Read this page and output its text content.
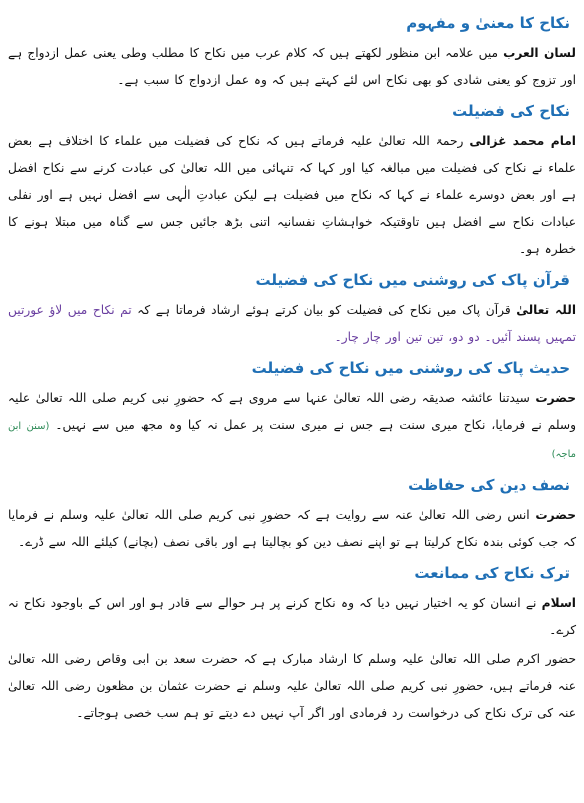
نکاح کا معنیٰ و مفہوم

لسان العرب میں علامہ ابن منظور لکھتے ہیں کہ کلام عرب میں نکاح کا مطلب وطی یعنی عمل ازدواج ہے اور تزوج کو یعنی شادی کو بھی نکاح اس لئے کہتے ہیں کہ وہ عمل ازدواج کا سبب ہے۔

نکاح کی فضیلت

امام محمد غزالی رحمۃ اللہ تعالیٰ علیہ فرماتے ہیں کہ نکاح کی فضیلت میں علماء کا اختلاف ہے بعض علماء نے نکاح کی فضیلت میں مبالغہ کیا اور کہا کہ تنہائی میں اللہ تعالیٰ کی عبادت کرنے سے نکاح افضل ہے اور بعض دوسرے علماء نے کہا کہ نکاح میں فضیلت ہے لیکن عبادتِ الٰہی سے افضل نہیں ہے اور نفلی عبادات نکاح سے افضل ہیں تاوقتیکہ خواہشاتِ نفسانیہ اتنی بڑھ جائیں جس سے گناہ میں مبتلا ہونے کا خطرہ ہو۔

قرآن پاک کی روشنی میں نکاح کی فضیلت

اللہ تعالیٰ قرآن پاک میں نکاح کی فضیلت کو بیان کرتے ہوئے ارشاد فرماتا ہے کہ تم نکاح میں لاؤ عورتیں تمہیں پسند آئیں۔ دو دو، تین تین اور چار چار۔

حدیث پاک کی روشنی میں نکاح کی فضیلت

حضرت سیدتنا عائشہ صدیقہ رضی اللہ تعالیٰ عنہا سے مروی ہے کہ حضورِ نبی کریم صلی اللہ تعالیٰ علیہ وسلم نے فرمایا، نکاح میری سنت ہے جس نے میری سنت پر عمل نہ کیا وہ مجھ میں سے نہیں۔ (سنن ابن ماجہ)

نصف دین کی حفاظت

حضرت انس رضی اللہ تعالیٰ عنہ سے روایت ہے کہ حضورِ نبی کریم صلی اللہ تعالیٰ علیہ وسلم نے فرمایا کہ جب کوئی بندہ نکاح کرلیتا ہے تو اپنے نصف دین کو بچالیتا ہے اور باقی نصف (بچانے) کیلئے اللہ سے ڈرے۔

ترک نکاح کی ممانعت

اسلام نے انسان کو یہ اختیار نہیں دیا کہ وہ نکاح کرنے پر ہر حوالے سے قادر ہو اور اس کے باوجود نکاح نہ کرے۔

حضور اکرم صلی اللہ تعالیٰ علیہ وسلم کا ارشاد مبارک ہے کہ حضرت سعد بن ابی وقاص رضی اللہ تعالیٰ عنہ فرماتے ہیں، حضورِ نبی کریم صلی اللہ تعالیٰ علیہ وسلم نے حضرت عثمان بن مظعون رضی اللہ تعالیٰ عنہ کی ترک نکاح کی درخواست رد فرمادی اور اگر آپ نہیں دے دیتے تو ہم سب خصی ہوجاتے۔
